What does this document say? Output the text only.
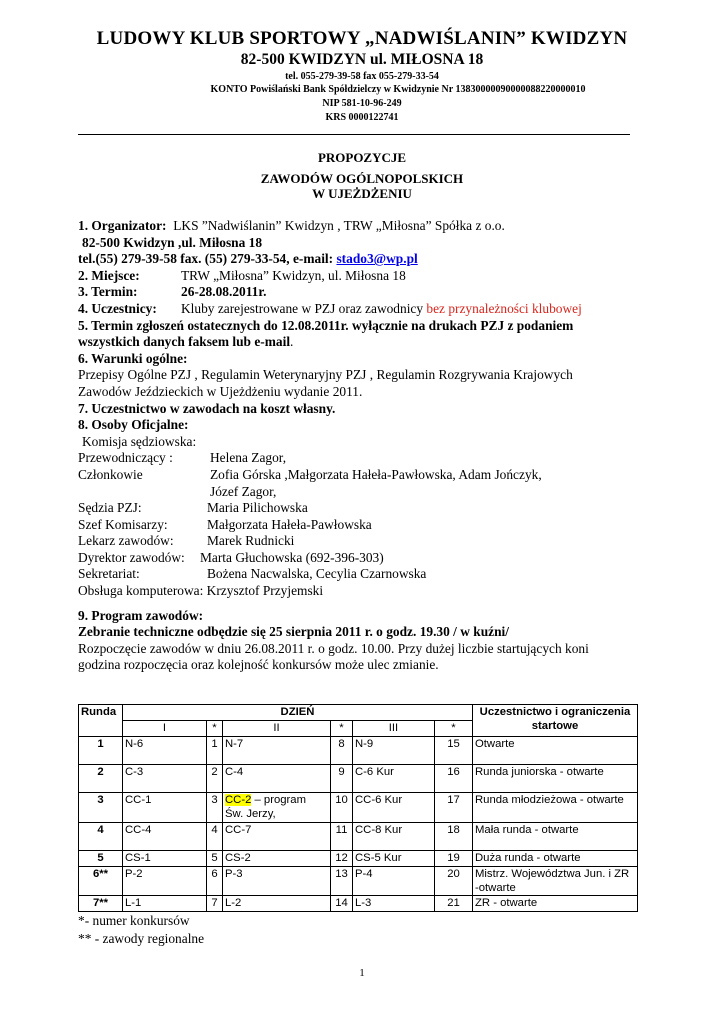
LUDOWY KLUB SPORTOWY „NADWIŚLANIN” KWIDZYN
82-500 KWIDZYN ul. MIŁOSNA 18
tel. 055-279-39-58 fax 055-279-33-54
KONTO Powiślański Bank Spółdzielczy w Kwidzynie Nr 13830000090000088220000010
NIP 581-10-96-249
KRS 0000122741
PROPOZYCJE
ZAWODÓW OGÓLNOPOLSKICH
W UJEŻDŻENIU
1. Organizator: LKS ”Nadwiślanin” Kwidzyn , TRW „Miłosna” Spółka z o.o.
82-500 Kwidzyn ,ul. Miłosna 18
tel.(55) 279-39-58 fax. (55) 279-33-54, e-mail: stado3@wp.pl
2. Miejsce:	TRW „Miłosna” Kwidzyn, ul. Miłosna 18
3. Termin:	26-28.08.2011r.
4. Uczestnicy: Kluby zarejestrowane w PZJ oraz zawodnicy bez przynależności klubowej
5. Termin zgłoszeń ostatecznych do 12.08.2011r. wyłącznie na drukach PZJ z podaniem
wszystkich danych faksem lub e-mail.
6. Warunki ogólne:
Przepisy Ogólne PZJ , Regulamin Weterynaryjny PZJ , Regulamin Rozgrywania Krajowych
Zawodów Jeździeckich w Ujeżdżeniu wydanie 2011.
7. Uczestnictwo w zawodach na koszt własny.
8. Osoby Oficjalne:
Komisja sędziowska:
Przewodniczący :	Helena Zagor,
Członkowie	Zofia Górska ,Małgorzata Hałeła-Pawłowska, Adam Jończyk,
Józef Zagor,
Sędzia PZJ:	Maria Pilichowska
Szef Komisarzy:	Małgorzata Hałeła-Pawłowska
Lekarz zawodów: Marek Rudnicki
Dyrektor zawodów: Marta Głuchowska (692-396-303)
Sekretariat:	Bożena Nacwalska, Cecylia Czarnowska
Obsługa komputerowa: Krzysztof Przyjemski
9. Program zawodów:
Zebranie techniczne odbędzie się 25 sierpnia 2011 r. o godz. 19.30 / w kuźni/
Rozpoczęcie zawodów w dniu 26.08.2011 r. o godz. 10.00. Przy dużej liczbie startujących koni
godzina rozpoczęcia oraz kolejność konkursów może ulec zmianie.
Runda	DZIEŃ						Uczestnictwo i ograniczenia
startowe
	I	*	II	*	III	*	
1	N-6	1	N-7	8	N-9	15	Otwarte
2	C-3	2	C-4	9	C-6 Kur	16	Runda juniorska - otwarte
3	CC-1	3	CC-2 – program
Św. Jerzy,	10	CC-6 Kur	17	Runda młodzieżowa - otwarte
4	CC-4	4	CC-7	11	CC-8 Kur	18	Mała runda - otwarte
5	CS-1	5	CS-2	12	CS-5 Kur	19	Duża runda - otwarte
6**	P-2	6	P-3	13	P-4	20	Mistrz. Województwa Jun. i ZR
-otwarte
7**	L-1	7	L-2	14	L-3	21	ZR - otwarte
*- numer konkursów
** - zawody regionalne
1
